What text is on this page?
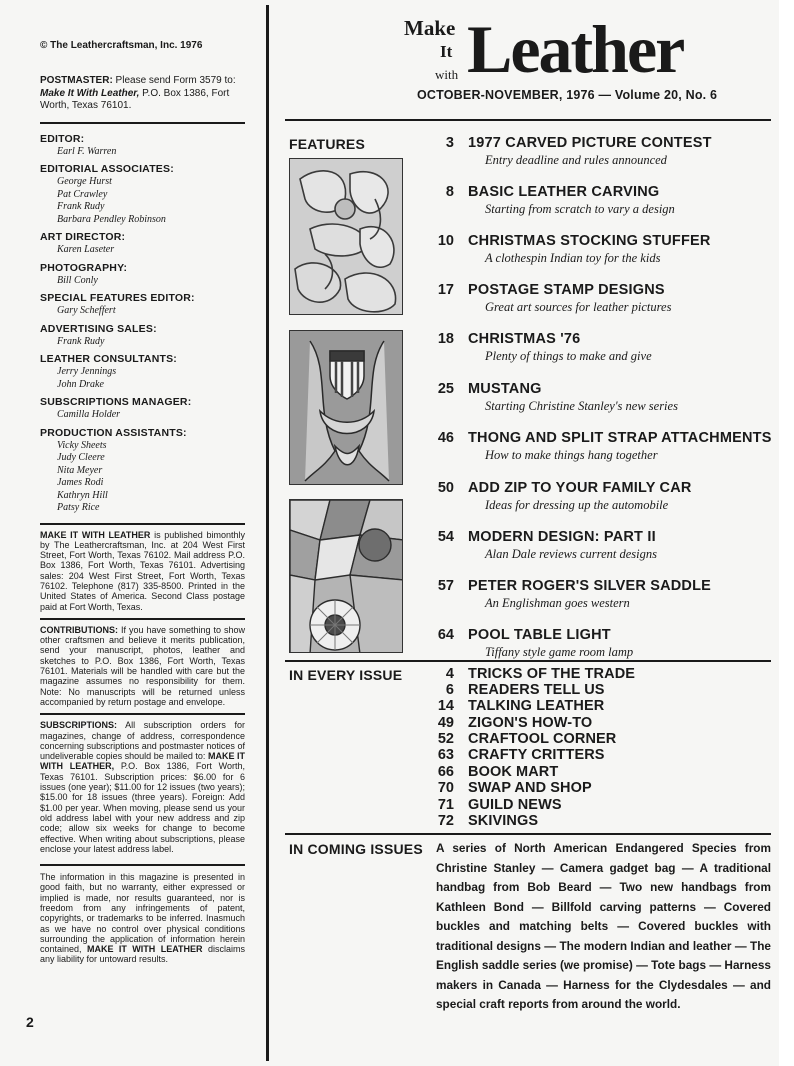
© The Leathercraftsman, Inc. 1976
POSTMASTER: Please send Form 3579 to: Make It With Leather, P.O. Box 1386, Fort Worth, Texas 76101.
EDITOR:
Earl F. Warren
EDITORIAL ASSOCIATES:
George Hurst
Pat Crawley
Frank Rudy
Barbara Pendley Robinson
ART DIRECTOR:
Karen Laseter
PHOTOGRAPHY:
Bill Conly
SPECIAL FEATURES EDITOR:
Gary Scheffert
ADVERTISING SALES:
Frank Rudy
LEATHER CONSULTANTS:
Jerry Jennings
John Drake
SUBSCRIPTIONS MANAGER:
Camilla Holder
PRODUCTION ASSISTANTS:
Vicky Sheets
Judy Cleere
Nita Meyer
James Rodi
Kathryn Hill
Patsy Rice
MAKE IT WITH LEATHER is published bimonthly by The Leathercraftsman, Inc. at 204 West First Street, Fort Worth, Texas 76102. Mail address P.O. Box 1386, Fort Worth, Texas 76101. Advertising sales: 204 West First Street, Fort Worth, Texas 76102. Telephone (817) 335-8500. Printed in the United States of America. Second Class postage paid at Fort Worth, Texas.
CONTRIBUTIONS: If you have something to show other craftsmen and believe it merits publication, send your manuscript, photos, leather and sketches to P.O. Box 1386, Fort Worth, Texas 76101. Materials will be handled with care but the magazine assumes no responsibility for them. Note: No manuscripts will be returned unless accompanied by return postage and envelope.
SUBSCRIPTIONS: All subscription orders for magazines, change of address, correspondence concerning subscriptions and postmaster notices of undeliverable copies should be mailed to: MAKE IT WITH LEATHER, P.O. Box 1386, Fort Worth, Texas 76101. Subscription prices: $6.00 for 6 issues (one year); $11.00 for 12 issues (two years); $15.00 for 18 issues (three years). Foreign: Add $1.00 per year. When moving, please send us your old address label with your new address and zip code; allow six weeks for change to become effective. When writing about subscriptions, please enclose your latest address label.
The information in this magazine is presented in good faith, but no warranty, either expressed or implied is made, nor results guaranteed, nor is freedom from any infringements of patent, copyrights, or trademarks to be inferred. Inasmuch as we have no control over physical conditions surrounding the application of information herein contained, MAKE IT WITH LEATHER disclaims any liability for untoward results.
2
Make
It
with Leather
OCTOBER-NOVEMBER, 1976 — Volume 20, No. 6
FEATURES	3 1977 CARVED PICTURE CONTEST
Entry deadline and rules announced
8 BASIC LEATHER CARVING
Starting from scratch to vary a design
10 CHRISTMAS STOCKING STUFFER
A clothespin Indian toy for the kids
17 POSTAGE STAMP DESIGNS
Great art sources for leather pictures
18 CHRISTMAS '76
Plenty of things to make and give
25 MUSTANG
Starting Christine Stanley's new series
46 THONG AND SPLIT STRAP ATTACHMENTS
How to make things hang together
50 ADD ZIP TO YOUR FAMILY CAR
Ideas for dressing up the automobile
54 MODERN DESIGN: PART II
Alan Dale reviews current designs
57 PETER ROGER'S SILVER SADDLE
An Englishman goes western
64 POOL TABLE LIGHT
Tiffany style game room lamp
IN EVERY ISSUE	4 TRICKS OF THE TRADE
6 READERS TELL US
14 TALKING LEATHER
49 ZIGON'S HOW-TO
52 CRAFTOOL CORNER
63 CRAFTY CRITTERS
66 BOOK MART
70 SWAP AND SHOP
71 GUILD NEWS
72 SKIVINGS
IN COMING ISSUES A series of North American Endangered Species from Christine Stanley — Camera gadget bag — A traditional handbag from Bob Beard — Two new handbags from Kathleen Bond — Billfold carving patterns — Covered buckles and matching belts — Covered buckles with traditional designs — The modern Indian and leather — The English saddle series (we promise) — Tote bags — Harness makers in Canada — Harness for the Clydesdales — and special craft reports from around the world.
